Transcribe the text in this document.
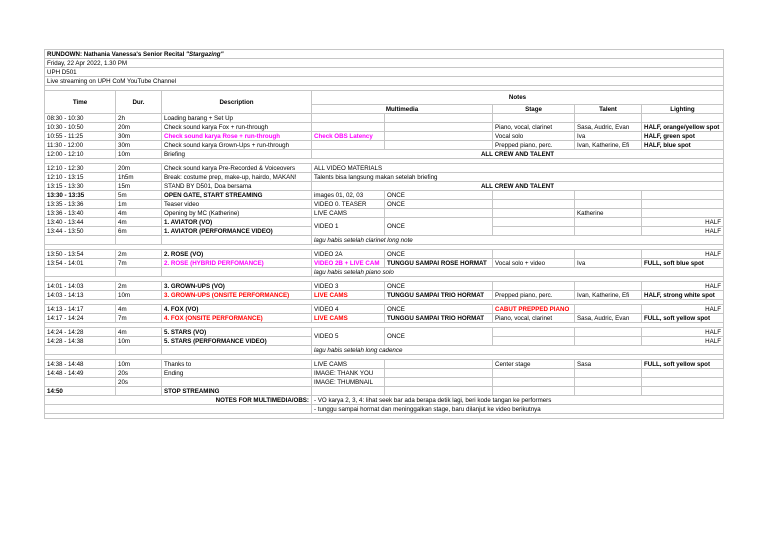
RUNDOWN: Nathania Vanessa's Senior Recital "Stargazing"							
Friday, 22 Apr 2022, 1.30 PM							
UPH D501							
Live streaming on UPH CoM YouTube Channel							

Time	Dur.	Description	Notes				
			Multimedia		Stage	Talent	Lighting
08:30 - 10:30	2h	Loading barang + Set Up					
10:30 - 10:50	20m	Check sound karya Fox + run-through			Piano, vocal, clarinet	Sasa, Audric, Evan	HALF, orange/yellow spot
10:55 - 11:25	30m	Check sound karya Rose + run-through	Check OBS Latency		Vocal solo	Iva	HALF, green spot
11:30 - 12:00	30m	Check sound karya Grown-Ups + run-through			Prepped piano, perc.	Ivan, Katherine, Efi	HALF, blue spot
12:00 - 12:10	10m	Briefing	ALL CREW AND TALENT				

12:10 - 12:30	20m	Check sound karya Pre-Recorded & Voiceovers	ALL VIDEO MATERIALS				
12:10 - 13:15	1h5m	Break: costume prep, make-up, hairdo, MAKAN!	Talents bisa langsung makan setelah briefing				
13:15 - 13:30	15m	STAND BY D501, Doa bersama	ALL CREW AND TALENT				
13:30 - 13:35	5m	OPEN GATE, START STREAMING	images 01, 02, 03	ONCE			
13:35 - 13:36	1m	Teaser video	VIDEO 0. TEASER	ONCE			
13:36 - 13:40	4m	Opening by MC (Katherine)	LIVE CAMS			Katherine	
13:40 - 13:44	4m	1. AVIATOR (VO)	VIDEO 1	ONCE			HALF
13:44 - 13:50	6m	1. AVIATOR (PERFORMANCE VIDEO)					HALF
			lagu habis setelah clarinet long note				

13:50 - 13:54	2m	2. ROSE (VO)	VIDEO 2A	ONCE			HALF
13:54 - 14:01	7m	2. ROSE (HYBRID PERFOMANCE)	VIDEO 2B + LIVE CAM	TUNGGU SAMPAI ROSE HORMAT	Vocal solo + video	Iva	FULL, soft blue spot
			lagu habis setelah piano solo				

14:01 - 14:03	2m	3. GROWN-UPS (VO)	VIDEO 3	ONCE			HALF
14:03 - 14:13	10m	3. GROWN-UPS (ONSITE PERFORMANCE)	LIVE CAMS	TUNGGU SAMPAI TRIO HORMAT	Prepped piano, perc.	Ivan, Katherine, Efi	HALF, strong white spot

14:13 - 14:17	4m	4. FOX (VO)	VIDEO 4	ONCE	CABUT PREPPED PIANO		HALF
14:17 - 14:24	7m	4. FOX (ONSITE PERFORMANCE)	LIVE CAMS	TUNGGU SAMPAI TRIO HORMAT	Piano, vocal, clarinet	Sasa, Audric, Evan	FULL, soft yellow spot

14:24 - 14:28	4m	5. STARS (VO)	VIDEO 5	ONCE			HALF
14:28 - 14:38	10m	5. STARS (PERFORMANCE VIDEO)					HALF
			lagu habis setelah long cadence				

14:38 - 14:48	10m	Thanks to	LIVE CAMS		Center stage	Sasa	FULL, soft yellow spot
14:48 - 14:49	20s	Ending	IMAGE: THANK YOU				
	20s		IMAGE: THUMBNAIL				
14:50		STOP STREAMING					
NOTES FOR MULTIMEDIA/OBS:			- VO karya 2, 3, 4: lihat seek bar ada berapa detik lagi, beri kode tangan ke performers				
			- tunggu sampai hormat dan meninggalkan stage, baru dilanjut ke video berikutnya				
